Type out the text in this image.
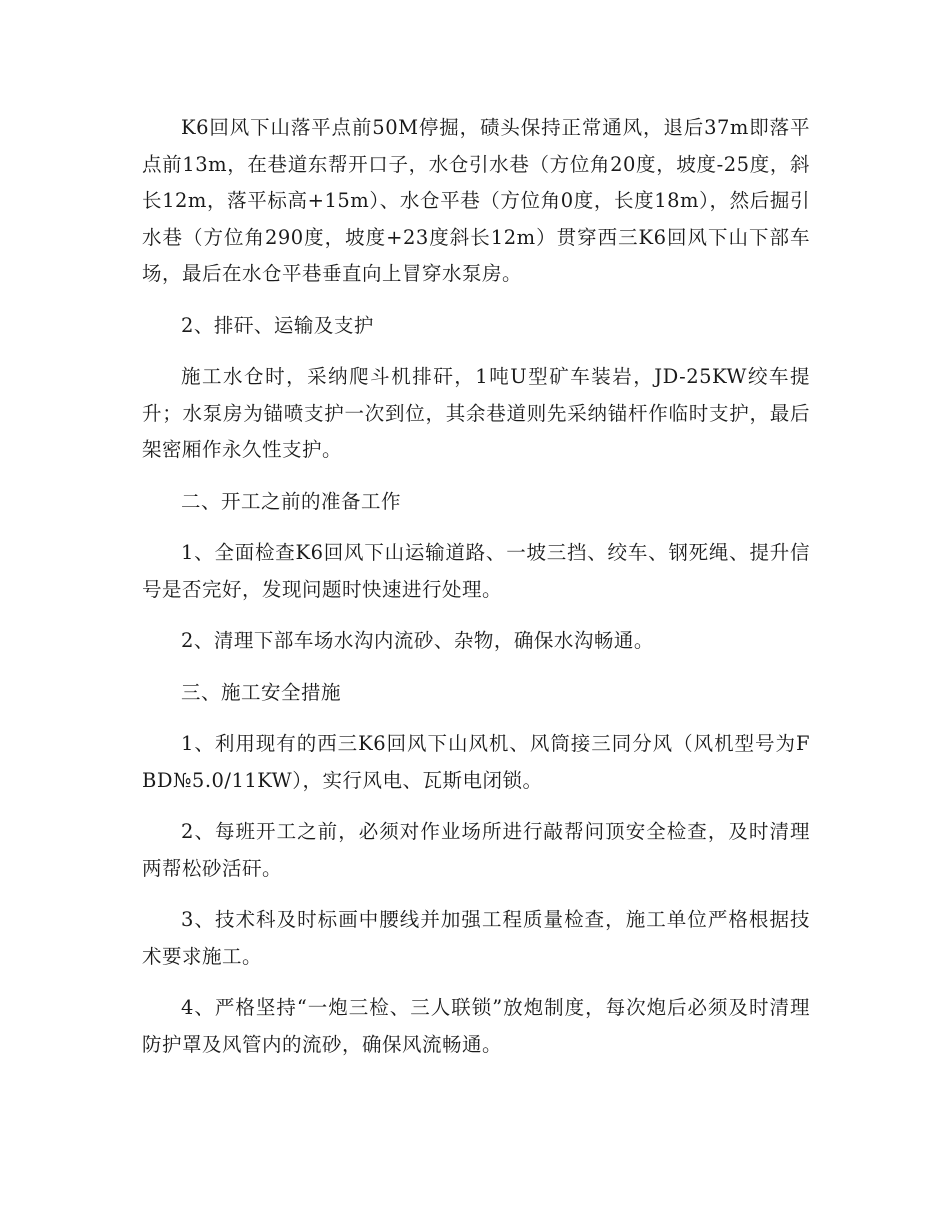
K6回风下山落平点前50M停掘，碛头保持正常通风，退后37m即落平点前13m，在巷道东帮开口子，水仓引水巷（方位角20度，坡度-25度，斜长12m，落平标高+15m）、水仓平巷（方位角0度，长度18m），然后掘引水巷（方位角290度，坡度+23度斜长12m）贯穿西三K6回风下山下部车场，最后在水仓平巷垂直向上冒穿水泵房。

2、排矸、运输及支护

施工水仓时，采纳爬斗机排矸，1吨U型矿车装岩，JD-25KW绞车提升；水泵房为锚喷支护一次到位，其余巷道则先采纳锚杆作临时支护，最后架密厢作永久性支护。

二、开工之前的准备工作

1、全面检查K6回风下山运输道路、一坡三挡、绞车、钢死绳、提升信号是否完好，发现问题时快速进行处理。

2、清理下部车场水沟内流砂、杂物，确保水沟畅通。

三、施工安全措施

1、利用现有的西三K6回风下山风机、风筒接三同分风（风机型号为FBD№5.0/11KW），实行风电、瓦斯电闭锁。

2、每班开工之前，必须对作业场所进行敲帮问顶安全检查，及时清理两帮松砂活矸。

3、技术科及时标画中腰线并加强工程质量检查，施工单位严格根据技术要求施工。

4、严格坚持“一炮三检、三人联锁”放炮制度，每次炮后必须及时清理防护罩及风管内的流砂，确保风流畅通。
